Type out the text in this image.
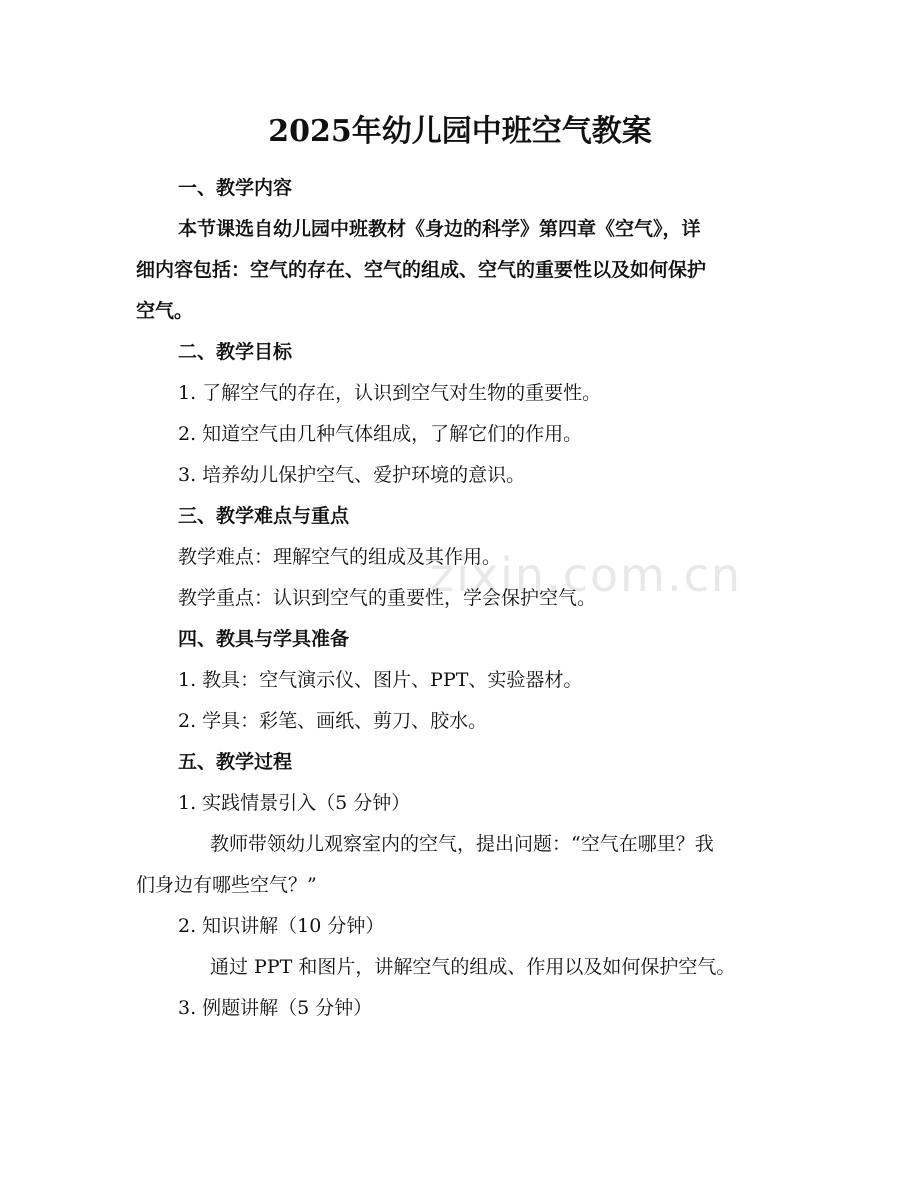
zixin.com.cn
2025年幼儿园中班空气教案
一、教学内容
本节课选自幼儿园中班教材《身边的科学》第四章《空气》，详
细内容包括：空气的存在、空气的组成、空气的重要性以及如何保护
空气。
二、教学目标
1. 了解空气的存在，认识到空气对生物的重要性。
2. 知道空气由几种气体组成，了解它们的作用。
3. 培养幼儿保护空气、爱护环境的意识。
三、教学难点与重点
教学难点：理解空气的组成及其作用。
教学重点：认识到空气的重要性，学会保护空气。
四、教具与学具准备
1. 教具：空气演示仪、图片、PPT、实验器材。
2. 学具：彩笔、画纸、剪刀、胶水。
五、教学过程
1. 实践情景引入（5 分钟）
教师带领幼儿观察室内的空气，提出问题：“空气在哪里？我
们身边有哪些空气？”
2. 知识讲解（10 分钟）
通过 PPT 和图片，讲解空气的组成、作用以及如何保护空气。
3. 例题讲解（5 分钟）
